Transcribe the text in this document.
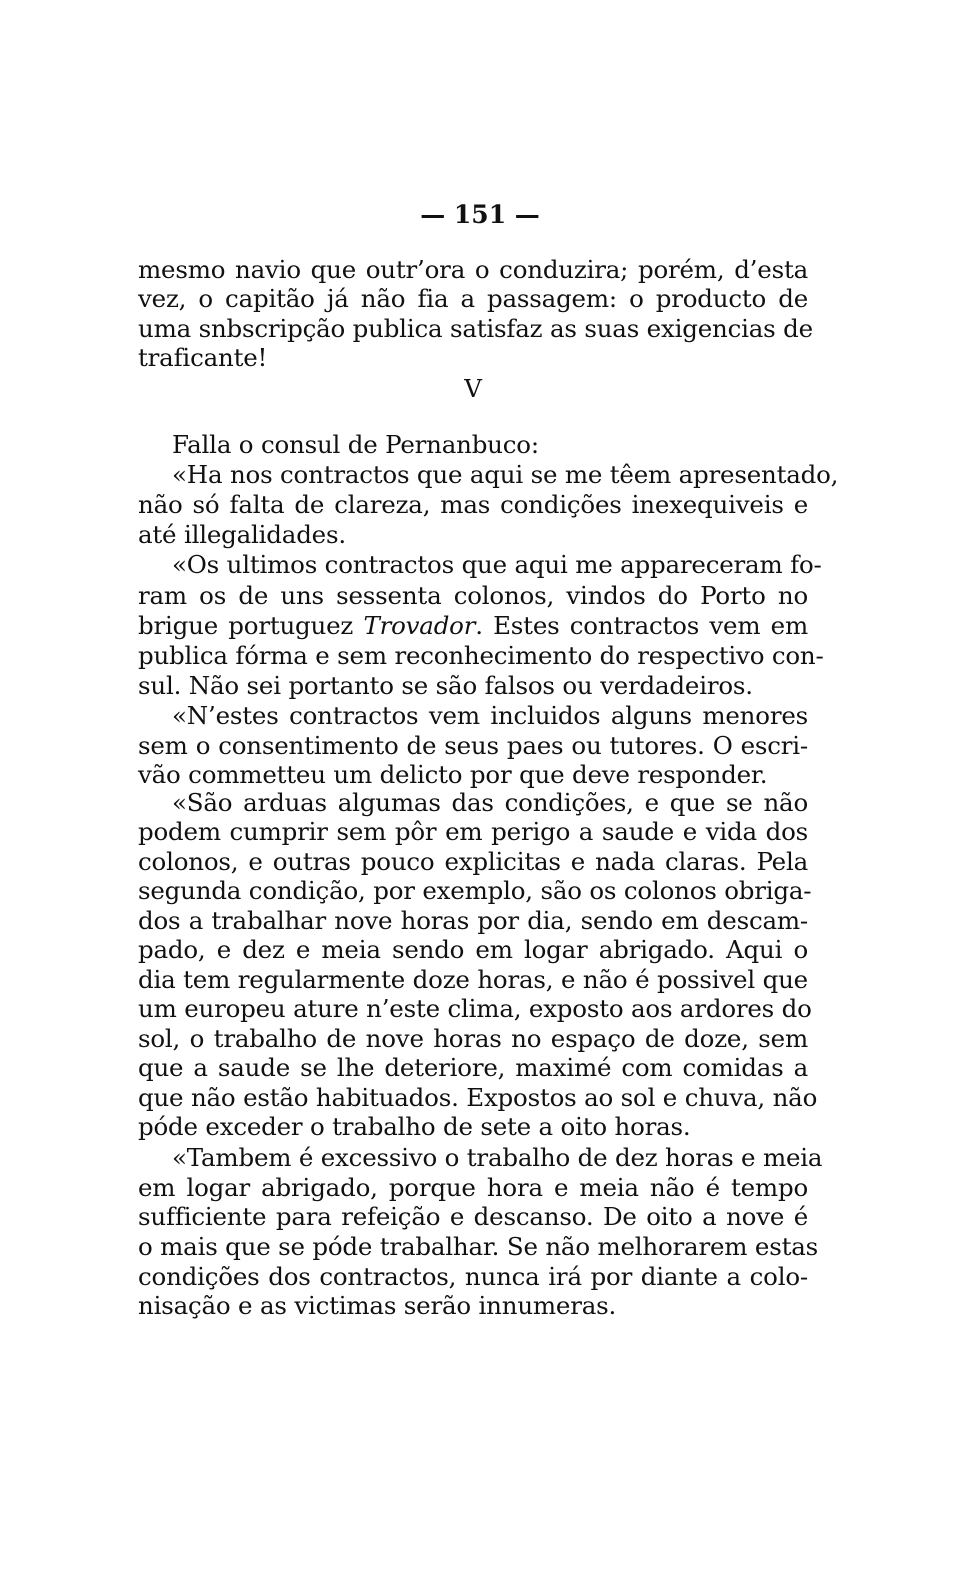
— 151 —
mesmo navio que outr’ora o conduzira; porém, d’esta
vez, o capitão já não fia a passagem: o producto de
uma snbscripção publica satisfaz as suas exigencias de
traficante!
V
Falla o consul de Pernanbuco:
«Ha nos contractos que aqui se me têem apresentado,
não só falta de clareza, mas condições inexequiveis e
até illegalidades.
«Os ultimos contractos que aqui me appareceram fo-
ram os de uns sessenta colonos, vindos do Porto no
brigue portuguez Trovador. Estes contractos vem em
publica fórma e sem reconhecimento do respectivo con-
sul. Não sei portanto se são falsos ou verdadeiros.
«N’estes contractos vem incluidos alguns menores
sem o consentimento de seus paes ou tutores. O escri-
vão commetteu um delicto por que deve responder.
«São arduas algumas das condições, e que se não
podem cumprir sem pôr em perigo a saude e vida dos
colonos, e outras pouco explicitas e nada claras. Pela
segunda condição, por exemplo, são os colonos obriga-
dos a trabalhar nove horas por dia, sendo em descam-
pado, e dez e meia sendo em logar abrigado. Aqui o
dia tem regularmente doze horas, e não é possivel que
um europeu ature n’este clima, exposto aos ardores do
sol, o trabalho de nove horas no espaço de doze, sem
que a saude se lhe deteriore, maximé com comidas a
que não estão habituados. Expostos ao sol e chuva, não
póde exceder o trabalho de sete a oito horas.
«Tambem é excessivo o trabalho de dez horas e meia
em logar abrigado, porque hora e meia não é tempo
sufficiente para refeição e descanso. De oito a nove é
o mais que se póde trabalhar. Se não melhorarem estas
condições dos contractos, nunca irá por diante a colo-
nisação e as victimas serão innumeras.
